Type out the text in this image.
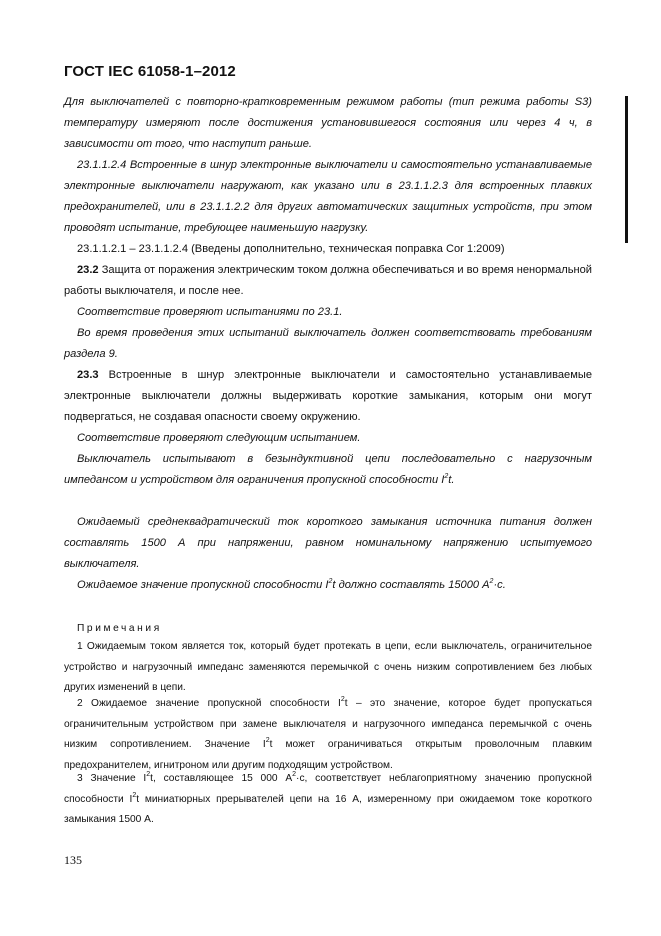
ГОСТ IEC 61058-1–2012

Для выключателей с повторно-кратковременным режимом работы (тип режима работы S3) температуру измеряют после достижения установившегося состояния или через 4 ч, в зависимости от того, что наступит раньше.

23.1.1.2.4 Встроенные в шнур электронные выключатели и самостоятельно устанавливаемые электронные выключатели нагружают, как указано или в 23.1.1.2.3 для встроенных плавких предохранителей, или в 23.1.1.2.2 для других автоматических защитных устройств, при этом проводят испытание, требующее наименьшую нагрузку.

23.1.1.2.1 – 23.1.1.2.4 (Введены дополнительно, техническая поправка Cor 1:2009)

23.2 Защита от поражения электрическим током должна обеспечиваться и во время ненормальной работы выключателя, и после нее.

Соответствие проверяют испытаниями по 23.1.

Во время проведения этих испытаний выключатель должен соответствовать требованиям раздела 9.

23.3 Встроенные в шнур электронные выключатели и самостоятельно устанавливаемые электронные выключатели должны выдерживать короткие замыкания, которым они могут подвергаться, не создавая опасности своему окружению.

Соответствие проверяют следующим испытанием.

Выключатель испытывают в безындуктивной цепи последовательно с нагрузочным импедансом и устройством для ограничения пропускной способности $I^2t$.

Ожидаемый среднеквадратический ток короткого замыкания источника питания должен составлять 1500 А при напряжении, равном номинальному напряжению испытуемого выключателя.

Ожидаемое значение пропускной способности $I^2t$ должно составлять 15000 $А^2\cdot с$.

Примечания

1 Ожидаемым током является ток, который будет протекать в цепи, если выключатель, ограничительное устройство и нагрузочный импеданс заменяются перемычкой с очень низким сопротивлением без любых других изменений в цепи.

2 Ожидаемое значение пропускной способности $I^2t$ – это значение, которое будет пропускаться ограничительным устройством при замене выключателя и нагрузочного импеданса перемычкой с очень низким сопротивлением. Значение $I^2t$ может ограничиваться открытым проволочным плавким предохранителем, игнитроном или другим подходящим устройством.

3 Значение $I^2t$, составляющее 15 000 $А^2\cdot с$, соответствует неблагоприятному значению пропускной способности $I^2t$ миниатюрных прерывателей цепи на 16 А, измеренному при ожидаемом токе короткого замыкания 1500 А.

135
